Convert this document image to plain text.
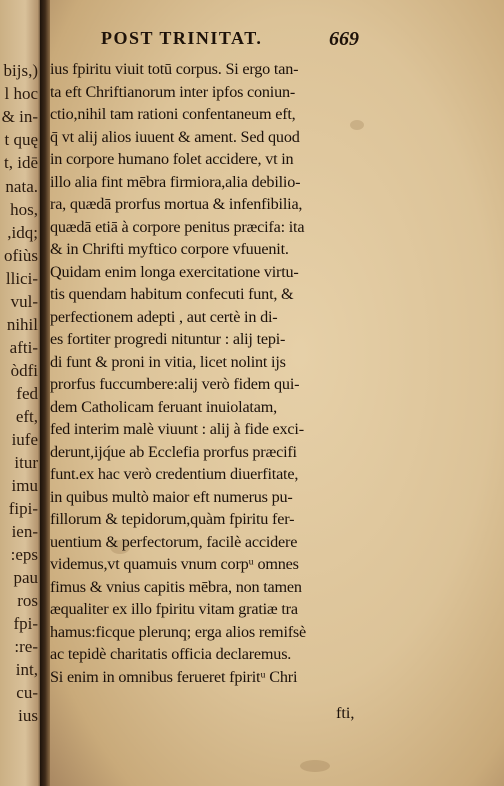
bijs,)
l hoc
& in-
t quę
t, idē
nata.
hos,
,idq;
ofiùs
llici-
vul-
nihil
afti-
òdfi
fed
eft,
iufe
itur
imu
fipi-
ien-
:eps
pau
ros
fpi-
:re-
int,
cu-
ius
POST TRINITAT.	669
ius fpiritu viuit totū corpus. Si ergo tan-
ta eft Chriftianorum inter ipfos coniun-
ctio,nihil tam rationi confentaneum eft,
q̄ vt alij alios iuuent & ament. Sed quod
in corpore humano folet accidere, vt in
illo alia fint mēbra firmiora,alia debilio-
ra, quædā prorfus mortua & infenfibilia,
quædā etiā à corpore penitus præcifa: ita
& in Chrifti myftico corpore vfuuenit.
Quidam enim longa exercitatione virtu-
tis quendam habitum confecuti funt, &
perfectionem adepti , aut certè in di-
es fortiter progredi nituntur : alij tepi-
di funt & proni in vitia, licet nolint ijs
prorfus fuccumbere:alij verò fidem qui-
dem Catholicam feruant inuiolatam,
fed interim malè viuunt : alij à fide exci-
derunt,ijq́ue ab Ecclefia prorfus præcifi
funt.ex hac verò credentium diuerfitate,
in quibus multò maior eft numerus pu-
fillorum & tepidorum,quàm fpiritu fer-
uentium & perfectorum, facilè accidere
videmus,vt quamuis vnum corpᵘ omnes
fimus & vnius capitis mēbra, non tamen
æqualiter ex illo fpiritu vitam gratiæ tra
hamus:ficque plerunq; erga alios remifsè
ac tepidè charitatis officia declaremus.
Si enim in omnibus ferueret fpiritᵘ Chri
fti,
